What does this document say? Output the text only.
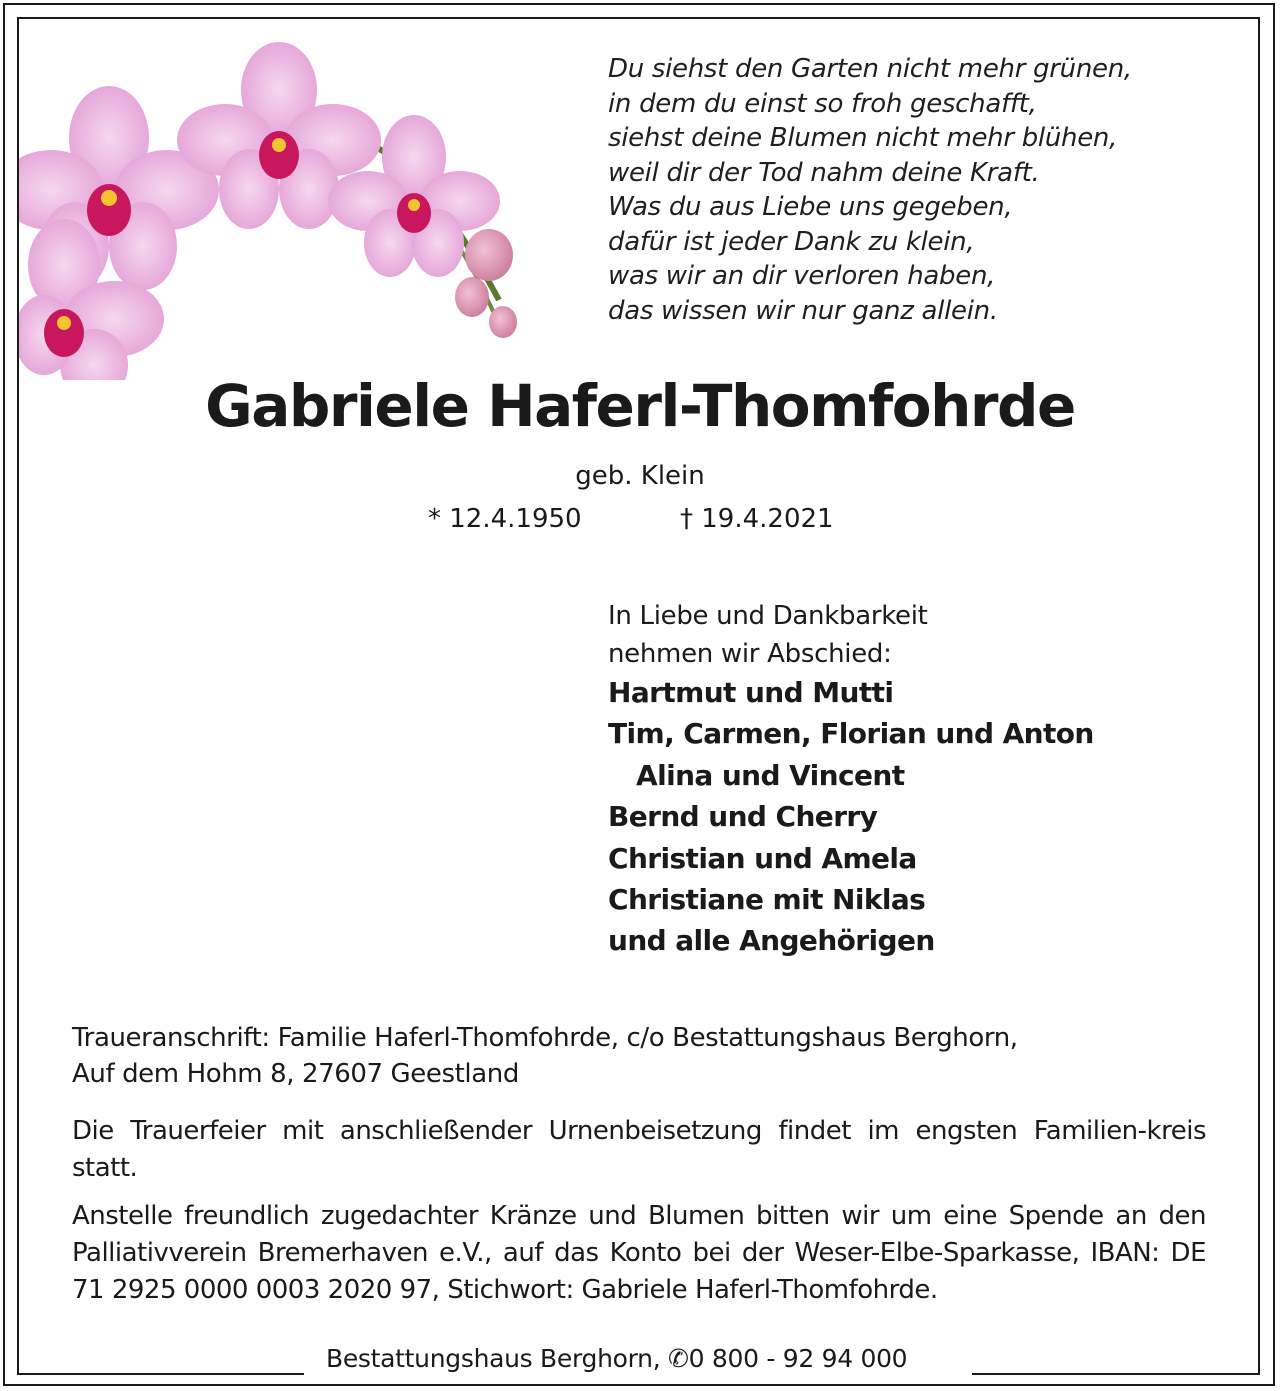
Du siehst den Garten nicht mehr grünen,
in dem du einst so froh geschafft,
siehst deine Blumen nicht mehr blühen,
weil dir der Tod nahm deine Kraft.
Was du aus Liebe uns gegeben,
dafür ist jeder Dank zu klein,
was wir an dir verloren haben,
das wissen wir nur ganz allein.
Gabriele Haferl-Thomfohrde
geb. Klein
* 12.4.1950	† 19.4.2021
In Liebe und Dankbarkeit
nehmen wir Abschied:
Hartmut und Mutti
Tim, Carmen, Florian und Anton
Alina und Vincent
Bernd und Cherry
Christian und Amela
Christiane mit Niklas
und alle Angehörigen
Traueranschrift: Familie Haferl-Thomfohrde, c/o Bestattungshaus Berghorn,
Auf dem Hohm 8, 27607 Geestland
Die Trauerfeier mit anschließender Urnenbeisetzung findet im engsten Familien-kreis statt.
Anstelle freundlich zugedachter Kränze und Blumen bitten wir um eine Spende an den Palliativverein Bremerhaven e.V., auf das Konto bei der Weser-Elbe-Sparkasse, IBAN: DE 71 2925 0000 0003 2020 97, Stichwort: Gabriele Haferl-Thomfohrde.
Bestattungshaus Berghorn, ✆0 800 - 92 94 000
